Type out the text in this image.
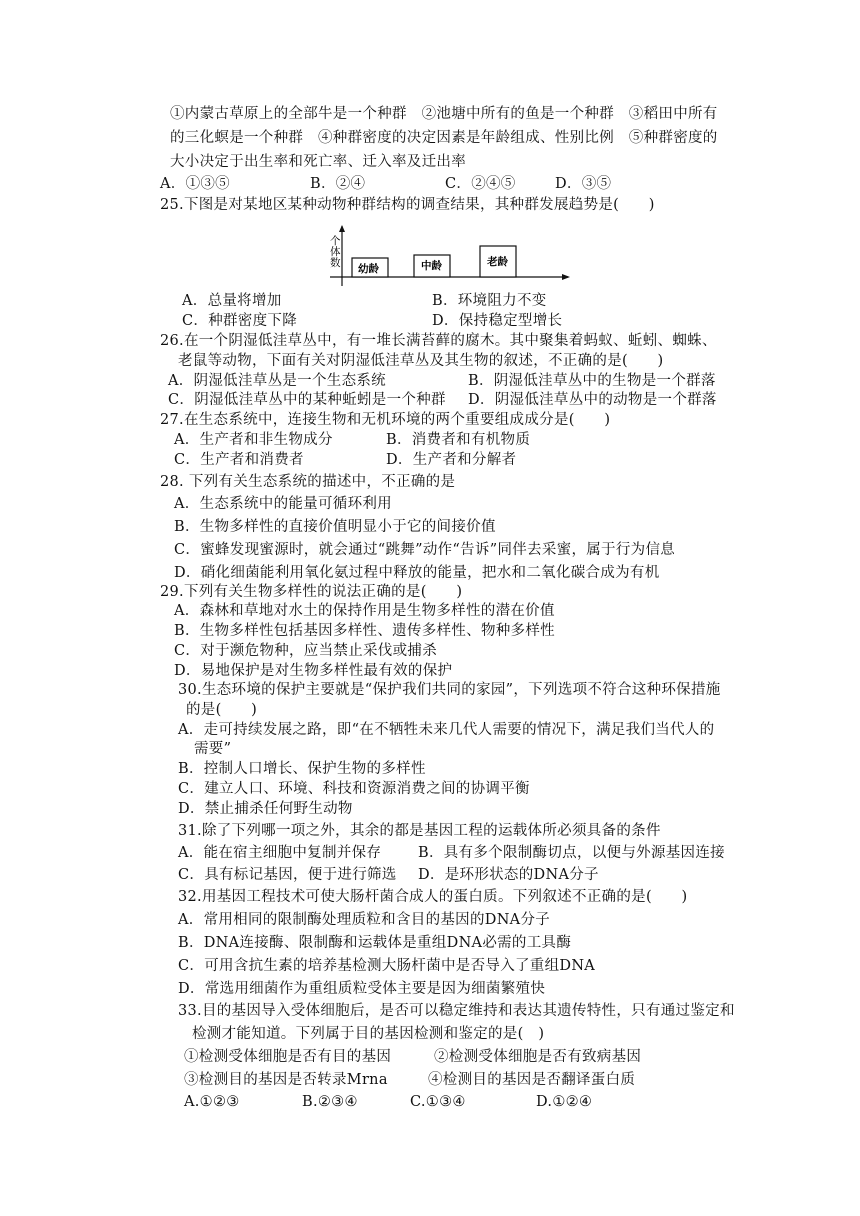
①内蒙古草原上的全部牛是一个种群　②池塘中所有的鱼是一个种群　③稻田中所有
的三化螟是一个种群　④种群密度的决定因素是年龄组成、性别比例　⑤种群密度的
大小决定于出生率和死亡率、迁入率及迁出率
A．①③⑤	B．②④	C．②④⑤	D．③⑤
25.下图是对某地区某种动物种群结构的调查结果，其种群发展趋势是(　　)
个
体
数 幼龄	中龄	老龄
A．总量将增加	B．环境阻力不变
C．种群密度下降	D．保持稳定型增长
26.在一个阴湿低洼草丛中，有一堆长满苔藓的腐木。其中聚集着蚂蚁、蚯蚓、蜘蛛、
老鼠等动物，下面有关对阴湿低洼草丛及其生物的叙述，不正确的是(　　)
A．阴湿低洼草丛是一个生态系统	B．阴湿低洼草丛中的生物是一个群落
C．阴湿低洼草丛中的某种蚯蚓是一个种群 D．阴湿低洼草丛中的动物是一个群落
27.在生态系统中，连接生物和无机环境的两个重要组成成分是(　　)
A．生产者和非生物成分	B．消费者和有机物质
C．生产者和消费者	D．生产者和分解者
28. 下列有关生态系统的描述中，不正确的是
A．生态系统中的能量可循环利用
B．生物多样性的直接价值明显小于它的间接价值
C．蜜蜂发现蜜源时，就会通过“跳舞”动作“告诉”同伴去采蜜，属于行为信息
D．硝化细菌能利用氧化氨过程中释放的能量，把水和二氧化碳合成为有机
29.下列有关生物多样性的说法正确的是(　　)
A．森林和草地对水土的保持作用是生物多样性的潜在价值
B．生物多样性包括基因多样性、遗传多样性、物种多样性
C．对于濒危物种，应当禁止采伐或捕杀
D．易地保护是对生物多样性最有效的保护
30.生态环境的保护主要就是“保护我们共同的家园”，下列选项不符合这种环保措施
的是(　　)
A．走可持续发展之路，即“在不牺牲未来几代人需要的情况下，满足我们当代人的
需要”
B．控制人口增长、保护生物的多样性
C．建立人口、环境、科技和资源消费之间的协调平衡
D．禁止捕杀任何野生动物
31.除了下列哪一项之外，其余的都是基因工程的运载体所必须具备的条件
A．能在宿主细胞中复制并保存	B．具有多个限制酶切点，以便与外源基因连接
C．具有标记基因，便于进行筛选 D．是环形状态的DNA分子
32.用基因工程技术可使大肠杆菌合成人的蛋白质。下列叙述不正确的是(　　)
A．常用相同的限制酶处理质粒和含目的基因的DNA分子
B．DNA连接酶、限制酶和运载体是重组DNA必需的工具酶
C．可用含抗生素的培养基检测大肠杆菌中是否导入了重组DNA
D．常选用细菌作为重组质粒受体主要是因为细菌繁殖快
33.目的基因导入受体细胞后，是否可以稳定维持和表达其遗传特性，只有通过鉴定和
检测才能知道。下列属于目的基因检测和鉴定的是(　)
①检测受体细胞是否有目的基因	②检测受体细胞是否有致病基因
③检测目的基因是否转录Mrna	④检测目的基因是否翻译蛋白质
A.①②③	B.②③④	C.①③④	D.①②④
